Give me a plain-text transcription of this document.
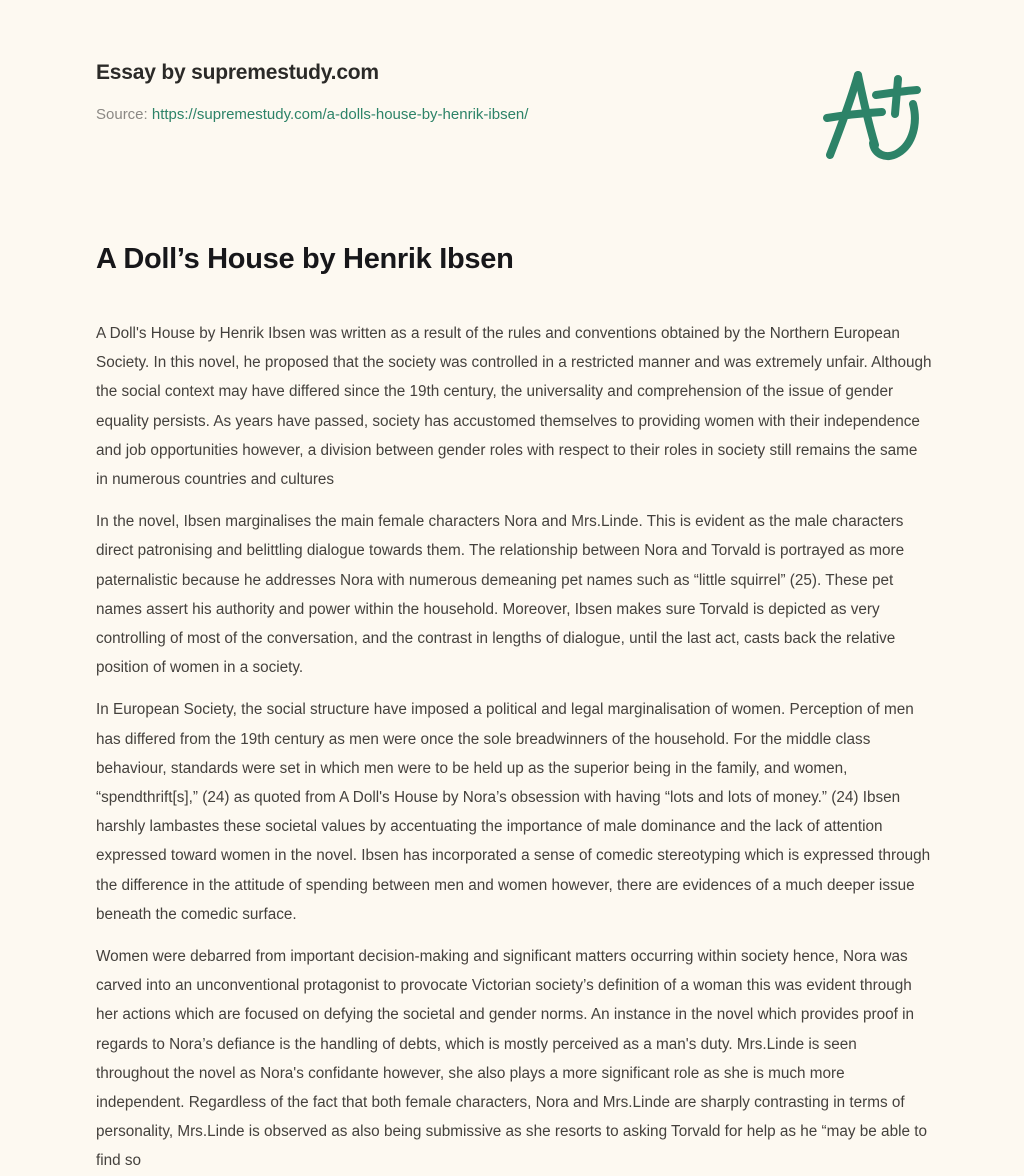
Essay by supremestudy.com
Source: https://supremestudy.com/a-dolls-house-by-henrik-ibsen/
A Doll’s House by Henrik Ibsen

A Doll's House by Henrik Ibsen was written as a result of the rules and conventions obtained by the Northern European Society. In this novel, he proposed that the society was controlled in a restricted manner and was extremely unfair. Although the social context may have differed since the 19th century, the universality and comprehension of the issue of gender equality persists. As years have passed, society has accustomed themselves to providing women with their independence and job opportunities however, a division between gender roles with respect to their roles in society still remains the same in numerous countries and cultures

In the novel, Ibsen marginalises the main female characters Nora and Mrs.Linde. This is evident as the male characters direct patronising and belittling dialogue towards them. The relationship between Nora and Torvald is portrayed as more paternalistic because he addresses Nora with numerous demeaning pet names such as “little squirrel” (25). These pet names assert his authority and power within the household. Moreover, Ibsen makes sure Torvald is depicted as very controlling of most of the conversation, and the contrast in lengths of dialogue, until the last act, casts back the relative position of women in a society.

In European Society, the social structure have imposed a political and legal marginalisation of women. Perception of men has differed from the 19th century as men were once the sole breadwinners of the household. For the middle class behaviour, standards were set in which men were to be held up as the superior being in the family, and women, “spendthrift[s],” (24) as quoted from A Doll's House by Nora’s obsession with having “lots and lots of money.” (24) Ibsen harshly lambastes these societal values by accentuating the importance of male dominance and the lack of attention expressed toward women in the novel. Ibsen has incorporated a sense of comedic stereotyping which is expressed through the difference in the attitude of spending between men and women however, there are evidences of a much deeper issue beneath the comedic surface.

Women were debarred from important decision-making and significant matters occurring within society hence, Nora was carved into an unconventional protagonist to provocate Victorian society’s definition of a woman this was evident through her actions which are focused on defying the societal and gender norms. An instance in the novel which provides proof in regards to Nora’s defiance is the handling of debts, which is mostly perceived as a man's duty. Mrs.Linde is seen throughout the novel as Nora's confidante however, she also plays a more significant role as she is much more independent. Regardless of the fact that both female characters, Nora and Mrs.Linde are sharply contrasting in terms of personality, Mrs.Linde is observed as also being submissive as she resorts to asking Torvald for help as he “may be able to find so
